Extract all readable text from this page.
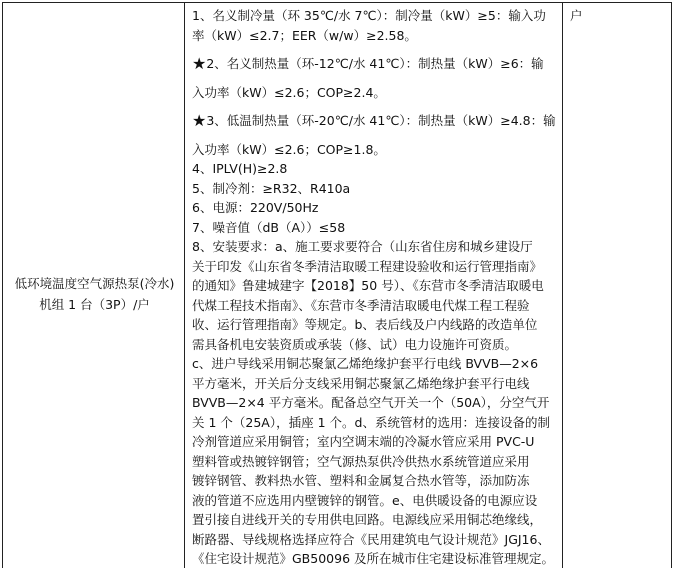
低环境温度空气源热泵(冷水)
机组 1 台（3P）/户
1、名义制冷量（环 35℃/水 7℃）：制冷量（kW）≥5：输入功
率（kW）≤2.7；EER（w/w）≥2.58。
★2、名义制热量（环-12℃/水 41℃）：制热量（kW）≥6：输
入功率（kW）≤2.6；COP≥2.4。
★3、低温制热量（环-20℃/水 41℃）：制热量（kW）≥4.8：输
入功率（kW）≤2.6；COP≥1.8。
4、IPLV(H)≥2.8
5、制冷剂：≥R32、R410a
6、电源：220V/50Hz
7、噪音值（dB（A））≤58
8、安装要求：a、施工要求要符合（山东省住房和城乡建设厅
关于印发《山东省冬季清洁取暖工程建设验收和运行管理指南》
的通知》鲁建城建字【2018】50 号）、《东营市冬季清洁取暖电
代煤工程技术指南》、《东营市冬季清洁取暖电代煤工程工程验
收、运行管理指南》等规定。b、表后线及户内线路的改造单位
需具备机电安装资质或承装（修、试）电力设施许可资质。
c、进户导线采用铜芯聚氯乙烯绝缘护套平行电线 BVVB—2×6
平方毫米，开关后分支线采用铜芯聚氯乙烯绝缘护套平行电线
BVVB—2×4 平方毫米。配备总空气开关一个（50A），分空气开
关 1 个（25A），插座 1 个。d、系统管材的选用：连接设备的制
冷剂管道应采用铜管；室内空调末端的冷凝水管应采用 PVC-U
塑料管或热镀锌钢管；空气源热泵供冷供热水系统管道应采用
镀锌钢管、教料热水管、塑料和金属复合热水管等，添加防冻
液的管道不应选用内壁镀锌的钢管。e、电供暖设备的电源应设
置引接自进线开关的专用供电回路。电源线应采用铜芯绝缘线，
断路器、导线规格选择应符合《民用建筑电气设计规范》JGJ16、
《住宅设计规范》GB50096 及所在城市住宅建设标准管理规定。
户
